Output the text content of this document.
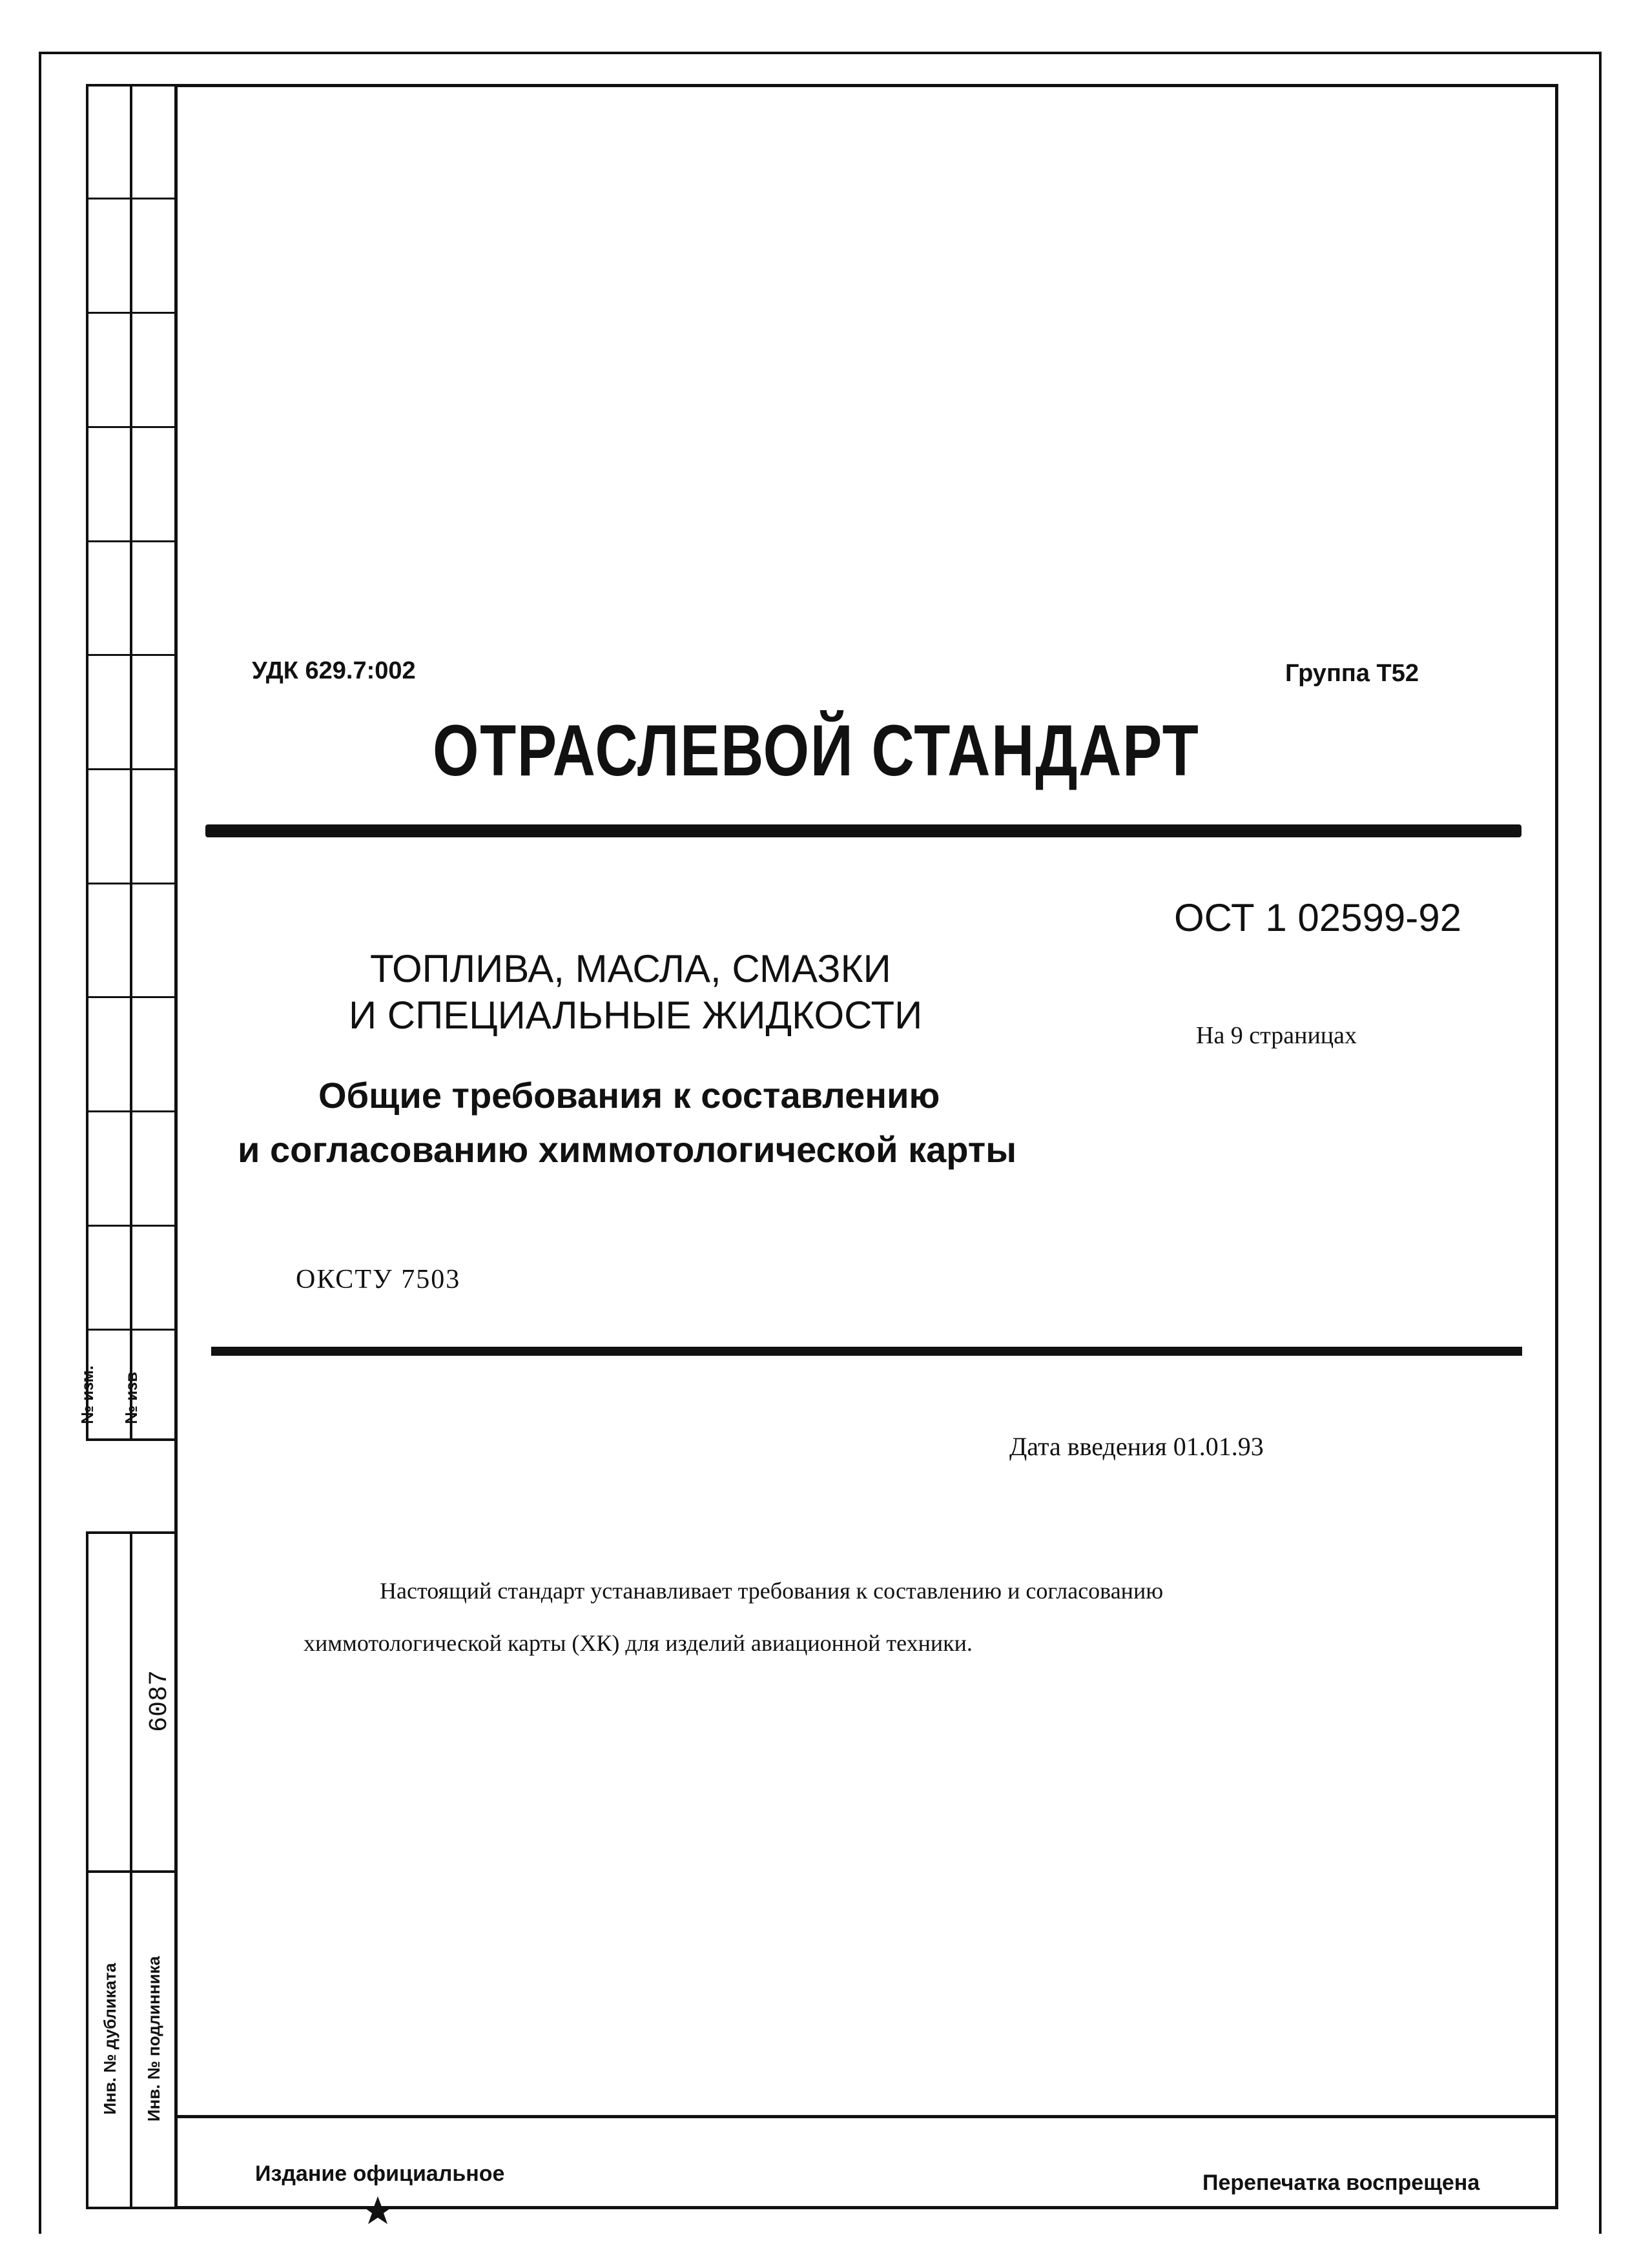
№ изм. № изв
Инв. № дубликата Инв. № подлинника
6087
УДК 629.7:002	Группа Т52
ОТРАСЛЕВОЙ СТАНДАРТ
ОСТ 1 02599-92
На 9 страницах
ТОПЛИВА, МАСЛА, СМАЗКИ
И СПЕЦИАЛЬНЫЕ ЖИДКОСТИ
Общие требования к составлению
и согласованию химмотологической карты
ОКСТУ 7503
Дата введения 01.01.93
Настоящий стандарт устанавливает требования к составлению и согласованию
химмотологической карты (ХК) для изделий авиационной техники.
Издание официальное	Перепечатка воспрещена
